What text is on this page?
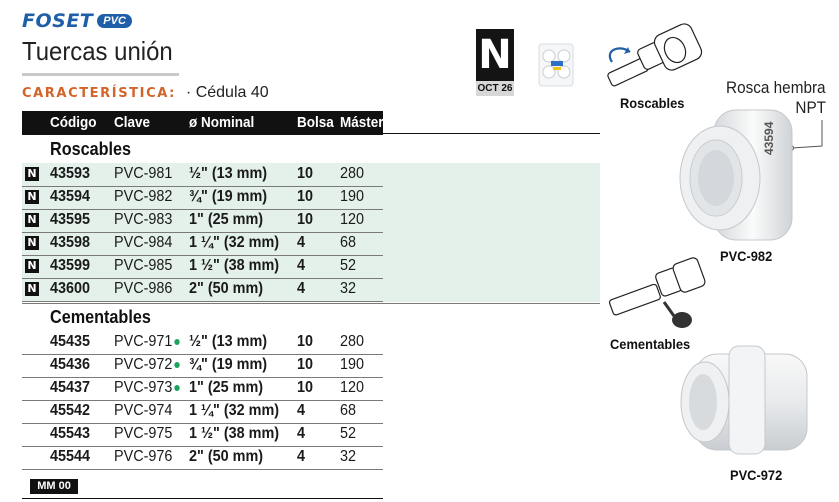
FOSET PVC
Tuercas unión
CARACTERÍSTICA: · Cédula 40
N
OCT 26
Código Clave	ø Nominal	Bolsa Máster
Roscables
N 43593 PVC-981 ½" (13 mm) 10 280
N 43594 PVC-982 ¾" (19 mm) 10 190
N 43595 PVC-983 1" (25 mm) 10 120
N 43598 PVC-984 1 ¼" (32 mm) 4 68
N 43599 PVC-985 1 ½" (38 mm) 4 52
N 43600 PVC-986 2" (50 mm) 4 32
Cementables
45435 PVC-971	½" (13 mm) 10 280
45436 PVC-972	¾" (19 mm) 10 190
45437 PVC-973	1" (25 mm) 10 120
45542 PVC-974 1 ¼" (32 mm) 4 68
45543 PVC-975 1 ½" (38 mm) 4 52
45544 PVC-976 2" (50 mm) 4 32
MM 00
Roscables
Rosca hembra
NPT
43594
PVC-982
Cementables
PVC-972
